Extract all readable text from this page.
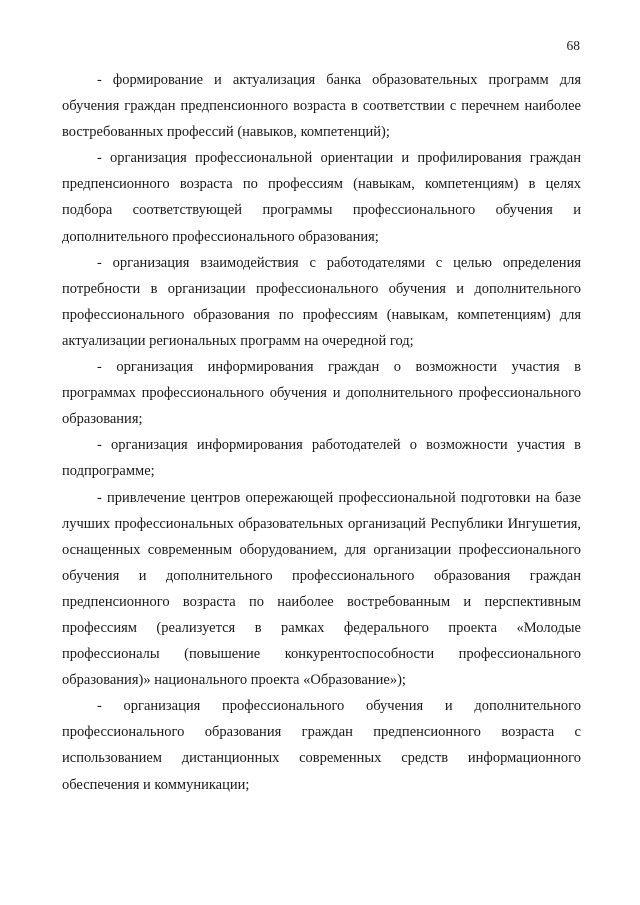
68

- формирование и актуализация банка образовательных программ для обучения граждан предпенсионного возраста в соответствии с перечнем наиболее востребованных профессий (навыков, компетенций);

- организация профессиональной ориентации и профилирования граждан предпенсионного возраста по профессиям (навыкам, компетенциям) в целях подбора соответствующей программы профессионального обучения и дополнительного профессионального образования;

- организация взаимодействия с работодателями с целью определения потребности в организации профессионального обучения и дополнительного профессионального образования по профессиям (навыкам, компетенциям) для актуализации региональных программ на очередной год;

- организация информирования граждан о возможности участия в программах профессионального обучения и дополнительного профессионального образования;

- организация информирования работодателей о возможности участия в подпрограмме;

- привлечение центров опережающей профессиональной подготовки на базе лучших профессиональных образовательных организаций Республики Ингушетия, оснащенных современным оборудованием, для организации профессионального обучения и дополнительного профессионального образования граждан предпенсионного возраста по наиболее востребованным и перспективным профессиям (реализуется в рамках федерального проекта «Молодые профессионалы (повышение конкурентоспособности профессионального образования)» национального проекта «Образование»);

- организация профессионального обучения и дополнительного профессионального образования граждан предпенсионного возраста с использованием дистанционных современных средств информационного обеспечения и коммуникации;
